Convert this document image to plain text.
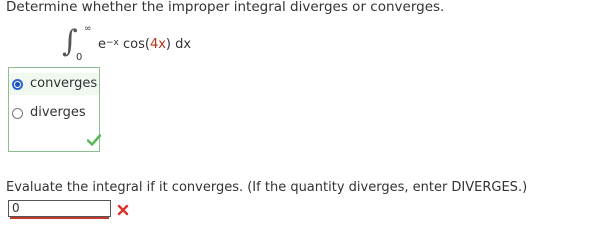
Determine whether the improper integral diverges or converges.
∫ ∞
0
$e^{-x}$ cos(4x) dx
converges
diverges
Evaluate the integral if it converges. (If the quantity diverges, enter DIVERGES.)
0
